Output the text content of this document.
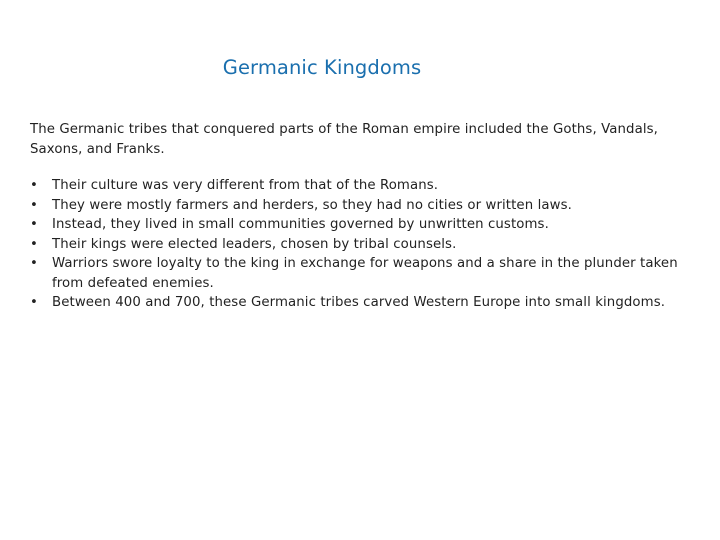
Germanic Kingdoms
The Germanic tribes that conquered parts of the Roman empire included the Goths, Vandals, Saxons, and Franks.
• Their culture was very different from that of the Romans.
• They were mostly farmers and herders, so they had no cities or written laws.
• Instead, they lived in small communities governed by unwritten customs.
• Their kings were elected leaders, chosen by tribal counsels.
• Warriors swore loyalty to the king in exchange for weapons and a share in the plunder taken from defeated enemies.
• Between 400 and 700, these Germanic tribes carved Western Europe into small kingdoms.
